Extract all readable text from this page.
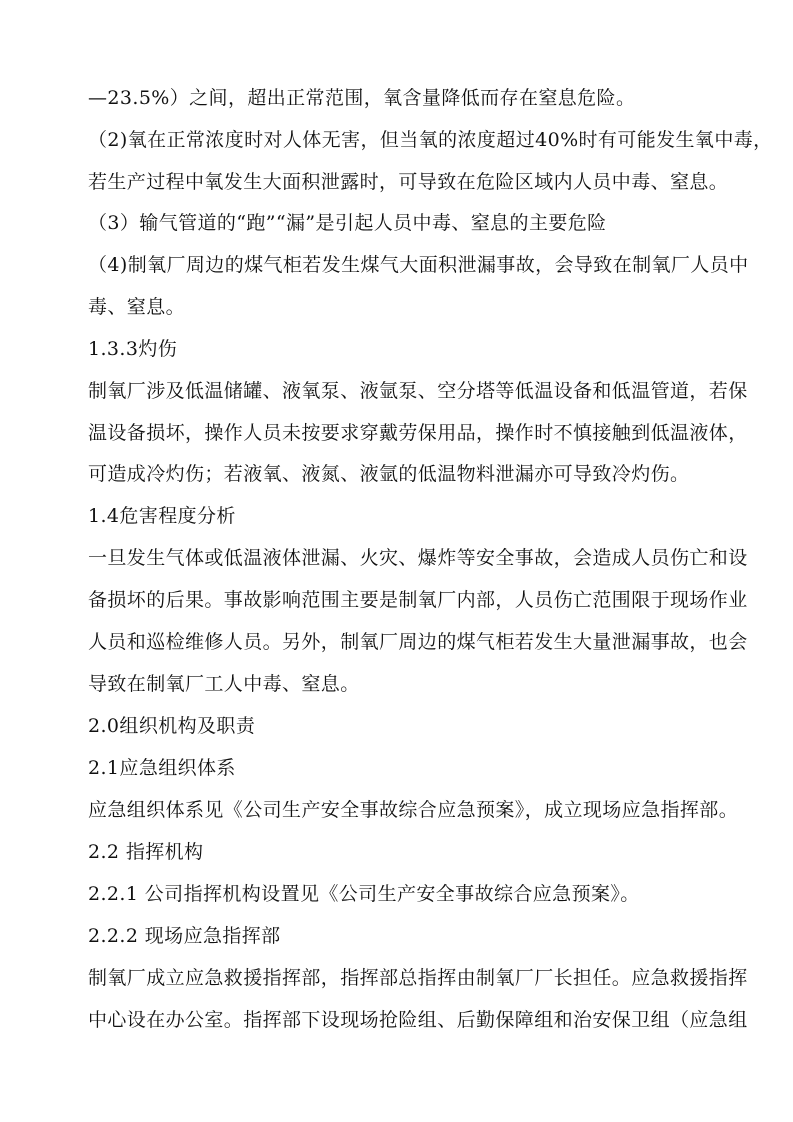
—23.5%）之间，超出正常范围，氧含量降低而存在窒息危险。
（2)氧在正常浓度时对人体无害，但当氧的浓度超过40%时有可能发生氧中毒，
若生产过程中氧发生大面积泄露时，可导致在危险区域内人员中毒、窒息。
（3）输气管道的“跑”“漏”是引起人员中毒、窒息的主要危险
（4)制氧厂周边的煤气柜若发生煤气大面积泄漏事故，会导致在制氧厂人员中
毒、窒息。
1.3.3灼伤
制氧厂涉及低温储罐、液氧泵、液氩泵、空分塔等低温设备和低温管道，若保
温设备损坏，操作人员未按要求穿戴劳保用品，操作时不慎接触到低温液体，
可造成冷灼伤；若液氧、液氮、液氩的低温物料泄漏亦可导致冷灼伤。
1.4危害程度分析
一旦发生气体或低温液体泄漏、火灾、爆炸等安全事故，会造成人员伤亡和设
备损坏的后果。事故影响范围主要是制氧厂内部，人员伤亡范围限于现场作业
人员和巡检维修人员。另外，制氧厂周边的煤气柜若发生大量泄漏事故，也会
导致在制氧厂工人中毒、窒息。
2.0组织机构及职责
2.1应急组织体系
应急组织体系见《公司生产安全事故综合应急预案》，成立现场应急指挥部。
2.2 指挥机构
2.2.1 公司指挥机构设置见《公司生产安全事故综合应急预案》。
2.2.2 现场应急指挥部
制氧厂成立应急救援指挥部，指挥部总指挥由制氧厂厂长担任。应急救援指挥
中心设在办公室。指挥部下设现场抢险组、后勤保障组和治安保卫组（应急组
